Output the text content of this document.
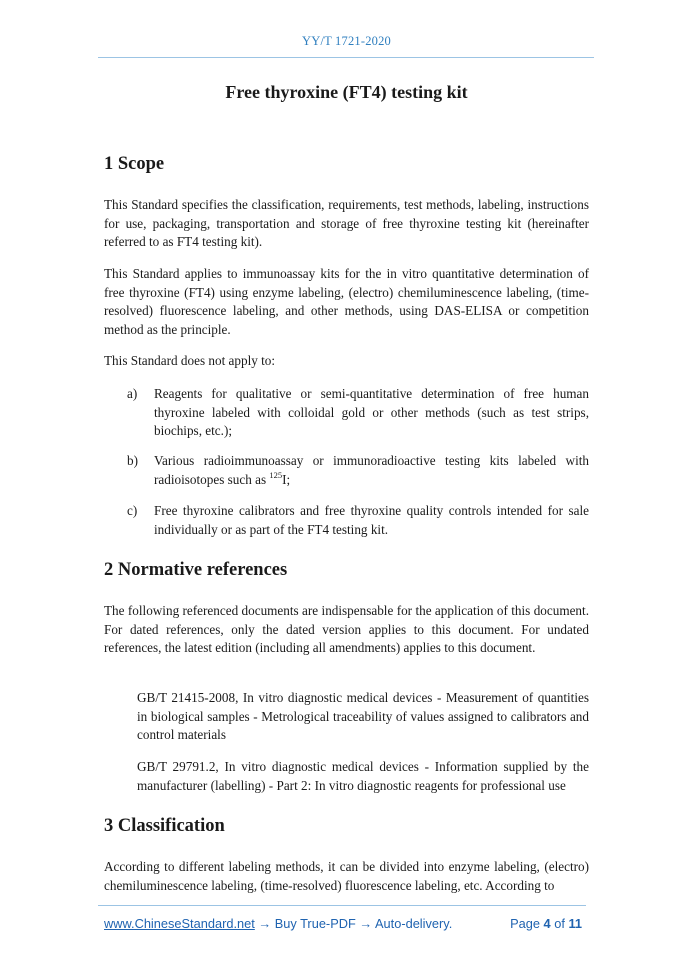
YY/T 1721-2020
Free thyroxine (FT4) testing kit
1 Scope

This Standard specifies the classification, requirements, test methods, labeling, instructions for use, packaging, transportation and storage of free thyroxine testing kit (hereinafter referred to as FT4 testing kit).

This Standard applies to immunoassay kits for the in vitro quantitative determination of free thyroxine (FT4) using enzyme labeling, (electro) chemiluminescence labeling, (time-resolved) fluorescence labeling, and other methods, using DAS-ELISA or competition method as the principle.

This Standard does not apply to:

a)	Reagents for qualitative or semi-quantitative determination of free human thyroxine labeled with colloidal gold or other methods (such as test strips, biochips, etc.);

b)	Various radioimmunoassay or immunoradioactive testing kits labeled with radioisotopes such as $^{125}$I;

c)	Free thyroxine calibrators and free thyroxine quality controls intended for sale individually or as part of the FT4 testing kit.

2 Normative references

The following referenced documents are indispensable for the application of this document. For dated references, only the dated version applies to this document. For undated references, the latest edition (including all amendments) applies to this document.

GB/T 21415-2008, In vitro diagnostic medical devices - Measurement of quantities in biological samples - Metrological traceability of values assigned to calibrators and control materials

GB/T 29791.2, In vitro diagnostic medical devices - Information supplied by the manufacturer (labelling) - Part 2: In vitro diagnostic reagents for professional use

3 Classification

According to different labeling methods, it can be divided into enzyme labeling, (electro) chemiluminescence labeling, (time-resolved) fluorescence labeling, etc. According to

www.ChineseStandard.net → Buy True-PDF → Auto-delivery.	Page 4 of 11
